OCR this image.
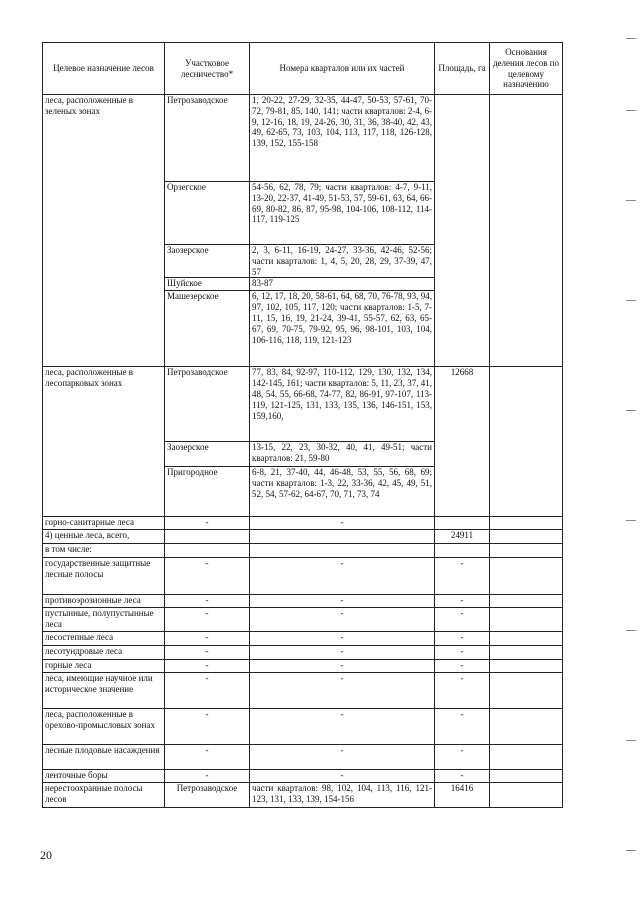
Целевое назначение лесов	Участковое лесничество*	Номера кварталов или их частей	Площадь, га	Основания деления лесов по целевому назначению
леса, расположенные в зеленых зонах	Петрозаводское	1, 20-22, 27-29, 32-35, 44-47, 50-53, 57-61, 70-72, 79-81, 85, 140, 141; части кварталов: 2-4, 6-9, 12-16, 18, 19, 24-26, 30, 31, 36, 38-40, 42, 43, 49, 62-65, 73, 103, 104, 113, 117, 118, 126-128, 139, 152, 155-158		
	Орзегское	54-56, 62, 78, 79; части кварталов: 4-7, 9-11, 13-20, 22-37, 41-49, 51-53, 57, 59-61, 63, 64, 66-69, 80-82, 86, 87, 95-98, 104-106, 108-112, 114-117, 119-125		
	Заозерское	2, 3, 6-11, 16-19, 24-27, 33-36, 42-46, 52-56; части кварталов: 1, 4, 5, 20, 28, 29, 37-39, 47, 57		
	Шуйское	83-87		
	Машезерское	6, 12, 17, 18, 20, 58-61, 64, 68, 70, 76-78, 93, 94, 97, 102, 105, 117, 120; части кварталов: 1-5, 7-11, 15, 16, 19, 21-24, 39-41, 55-57, 62, 63, 65-67, 69, 70-75, 79-92, 95, 96, 98-101, 103, 104, 106-116, 118, 119, 121-123		
леса, расположенные в лесопарковых зонах	Петрозаводское	77, 83, 84, 92-97, 110-112, 129, 130, 132, 134, 142-145, 161; части кварталов: 5, 11, 23, 37, 41, 48, 54, 55, 66-68, 74-77, 82, 86-91, 97-107, 113-119, 121-125, 131, 133, 135, 136, 146-151, 153, 159,160,	12668	
	Заозерское	13-15, 22, 23, 30-32, 40, 41, 49-51; части кварталов: 21, 59-80		
	Пригородное	6-8, 21, 37-40, 44, 46-48, 53, 55, 56, 68, 69; части кварталов: 1-3, 22, 33-36, 42, 45, 49, 51, 52, 54, 57-62, 64-67, 70, 71, 73, 74		
горно-санитарные леса	-	-		
4) ценные леса, всего,			24911	
в том числе:				
государственные защитные лесные полосы	-	-	-	
противоэрозионные леса	-	-	-	
пустынные, полупустынные леса	-	-	-	
лесостепные леса	-	-	-	
лесотундровые леса	-	-	-	
горные леса	-	-	-	
леса, имеющие научное или историческое значение	-	-	-	
леса, расположенные в орехово-промысловых зонах	-	-	-	
лесные плодовые насаждения	-	-	-	
ленточные боры	-	-	-	
нерестоохранные полосы лесов	Петрозаводское	части кварталов: 98, 102, 104, 113, 116, 121-123, 131, 133, 139, 154-156	16416	
20
